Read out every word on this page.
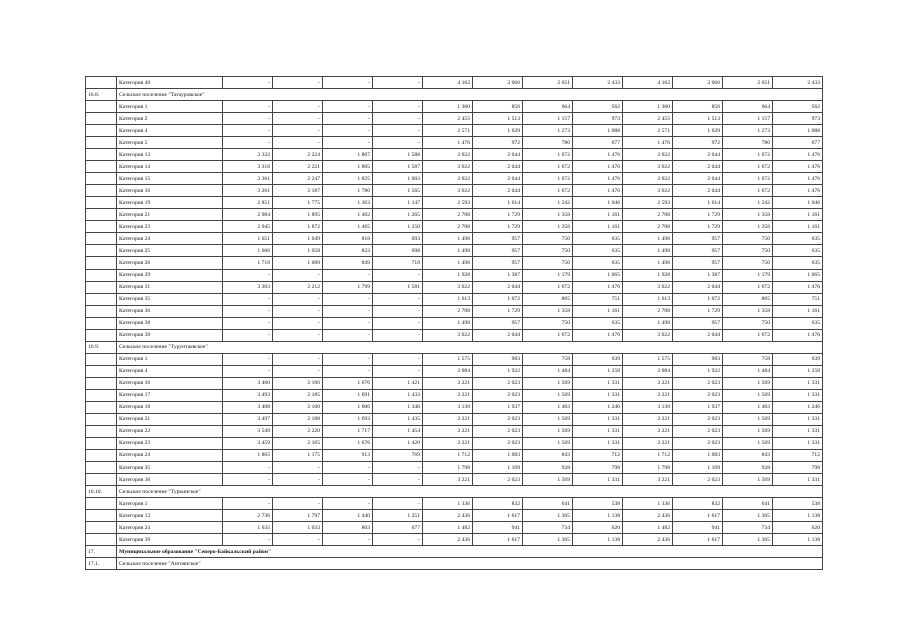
	Категория 40	-	-	-	-	4 162	3 066	2 651	2 433	4 162	3 066	2 651	2 433
16.8.	Сельское поселение "Татауровское"												
	Категория 1	-	-	-	-	1 360	856	664	562	1 360	856	664	562
	Категория 2	-	-	-	-	2 455	1 513	1 157	973	2 455	1 513	1 157	973
	Категория 4	-	-	-	-	2 571	1 629	1 273	1 088	2 571	1 629	1 273	1 088
	Категория 5	-	-	-	-	1 476	972	780	677	1 476	972	780	677
	Категория 13	3 322	2 224	1 807	1 588	3 022	2 044	1 672	1 476	3 022	2 044	1 672	1 476
	Категория 14	3 318	2 221	1 805	1 587	3 022	2 044	1 672	1 476	3 022	2 044	1 672	1 476
	Категория 15	3 361	2 247	1 825	1 603	3 022	2 044	1 672	1 476	3 022	2 044	1 672	1 476
	Категория 16	3 261	2 187	1 780	1 565	3 022	2 044	1 672	1 476	3 022	2 044	1 672	1 476
	Категория 19	2 851	1 775	1 363	1 147	2 593	1 614	1 242	1 046	2 593	1 614	1 242	1 046
	Категория 21	2 984	1 895	1 482	1 265	2 708	1 729	1 358	1 161	2 708	1 729	1 358	1 161
	Категория 23	2 945	1 872	1 465	1 250	2 708	1 729	1 358	1 161	2 708	1 729	1 358	1 161
	Категория 24	1 651	1 049	818	693	1 498	957	750	635	1 498	957	750	635
	Категория 25	1 666	1 058	823	698	1 498	957	750	635	1 498	957	750	635
	Категория 26	1 718	1 089	849	718	1 498	957	750	635	1 498	957	750	635
	Категория 29	-	-	-	-	1 928	1 387	1 179	1 065	1 928	1 387	1 179	1 065
	Категория 31	3 303	2 212	1 799	1 581	3 022	2 044	1 672	1 476	3 022	2 044	1 672	1 476
	Категория 35	-	-	-	-	1 613	1 072	865	751	1 613	1 072	865	751
	Категория 36	-	-	-	-	2 708	1 729	1 358	1 161	2 708	1 729	1 358	1 161
	Категория 38	-	-	-	-	1 498	957	750	635	1 498	957	750	635
	Категория 39	-	-	-	-	3 022	2 044	1 672	1 476	3 022	2 044	1 672	1 476
16.9.	Сельское поселение "Турунтаевское"												
	Категория 1	-	-	-	-	1 575	983	758	639	1 575	983	758	639
	Категория 4	-	-	-	-	3 084	1 922	1 484	1 258	3 084	1 922	1 484	1 258
	Категория 16	3 460	2 166	1 676	1 421	3 221	2 023	1 569	1 331	3 221	2 023	1 569	1 331
	Категория 17	3 493	2 185	1 691	1 433	3 221	2 023	1 569	1 331	3 221	2 023	1 569	1 331
	Категория 18	3 408	2 100	1 606	1 348	3 136	1 937	1 483	1 246	3 136	1 937	1 483	1 246
	Категория 21	3 497	2 188	1 693	1 435	3 221	2 023	1 569	1 331	3 221	2 023	1 569	1 331
	Категория 22	3 549	2 220	1 717	1 454	3 221	2 023	1 569	1 331	3 221	2 023	1 569	1 331
	Категория 23	3 459	2 165	1 676	1 420	3 221	2 023	1 569	1 331	3 221	2 023	1 569	1 331
	Категория 24	1 865	1 175	913	769	1 712	1 083	843	712	1 712	1 083	843	712
	Категория 35	-	-	-	-	1 798	1 109	928	798	1 798	1 109	928	798
	Категория 36	-	-	-	-	3 221	2 023	1 569	1 331	3 221	2 023	1 569	1 331
16.10.	Сельское поселение "Туркинское"												
	Категория 1	-	-	-	-	1 336	832	641	538	1 336	832	641	538
	Категория 13	2 736	1 797	1 440	1 251	2 436	1 617	1 305	1 138	2 436	1 617	1 305	1 138
	Категория 24	1 635	1 033	803	677	1 482	941	734	620	1 482	941	734	620
	Категория 39	-	-	-	-	2 436	1 617	1 305	1 138	2 436	1 617	1 305	1 138
17.	Муниципальное образование "Северо-Байкальский район"												
17.1.	Сельское поселение "Ангоянское"												
